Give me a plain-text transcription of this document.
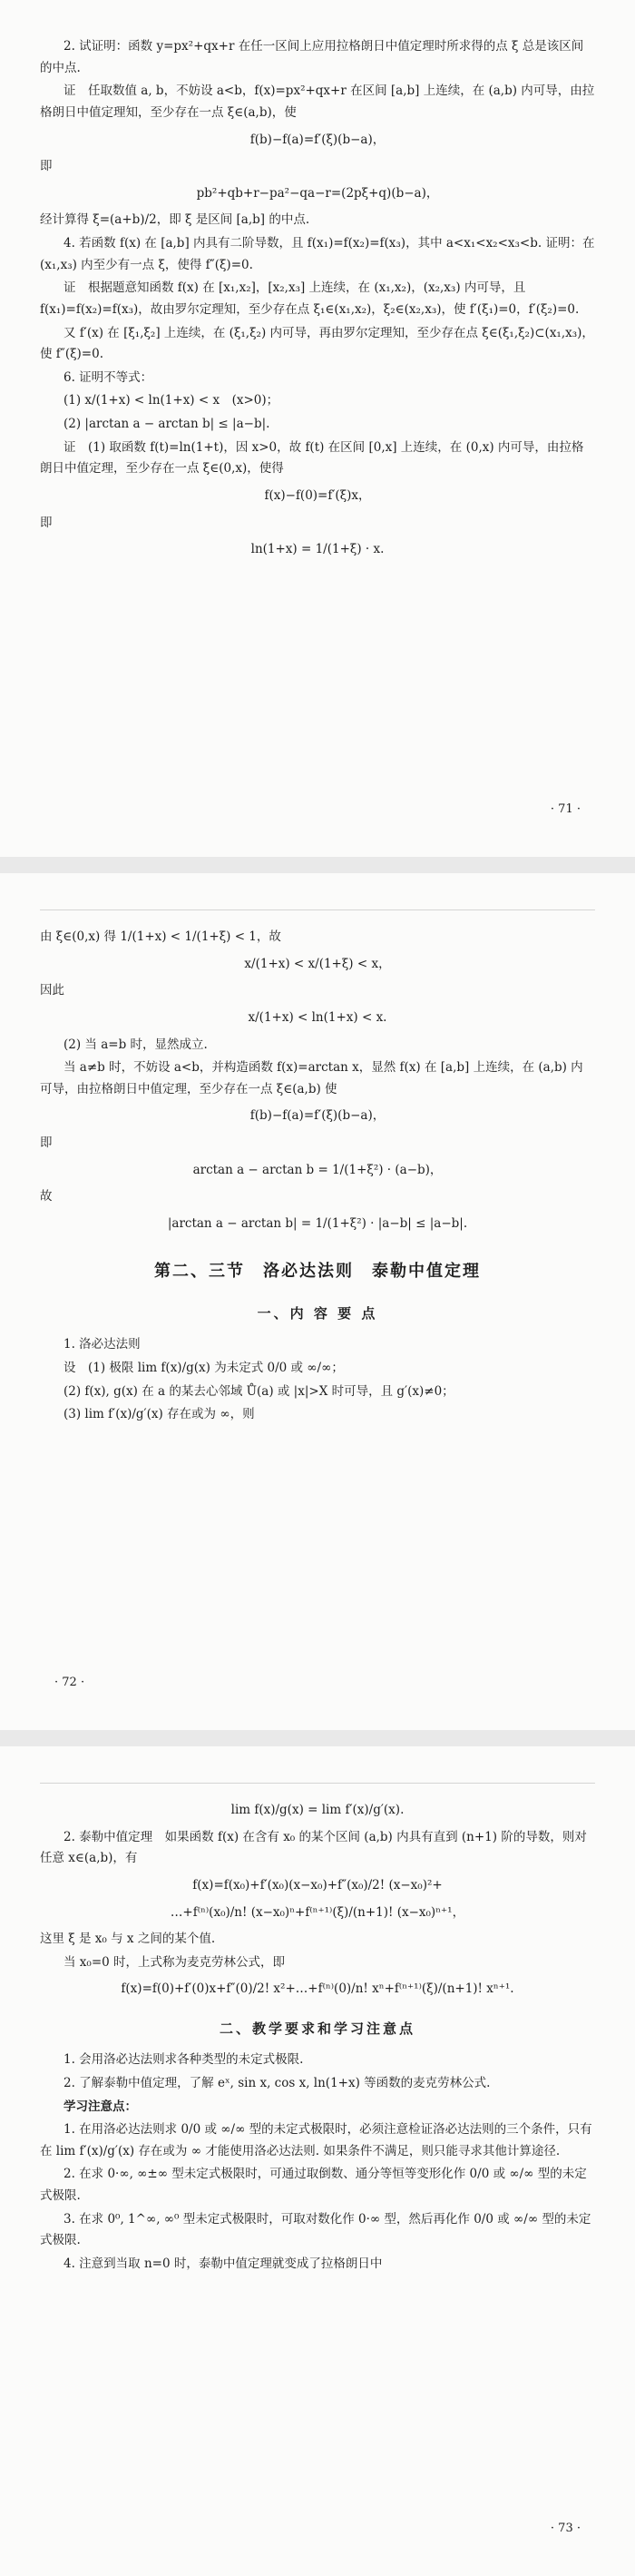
2. 试证明：函数 y=px²+qx+r 在任一区间上应用拉格朗日中值定理时所求得的点 ξ 总是该区间的中点.

证　任取数值 a, b，不妨设 a<b，f(x)=px²+qx+r 在区间 [a,b] 上连续，在 (a,b) 内可导，由拉格朗日中值定理知，至少存在一点 ξ∈(a,b)，使

f(b)−f(a)=f′(ξ)(b−a)，

即

pb²+qb+r−pa²−qa−r=(2pξ+q)(b−a)，

经计算得 ξ=(a+b)/2，即 ξ 是区间 [a,b] 的中点.

4. 若函数 f(x) 在 [a,b] 内具有二阶导数，且 f(x₁)=f(x₂)=f(x₃)，其中 a<x₁<x₂<x₃<b. 证明：在 (x₁,x₃) 内至少有一点 ξ，使得 f″(ξ)=0.

证　根据题意知函数 f(x) 在 [x₁,x₂]，[x₂,x₃] 上连续，在 (x₁,x₂)，(x₂,x₃) 内可导，且 f(x₁)=f(x₂)=f(x₃)，故由罗尔定理知，至少存在点 ξ₁∈(x₁,x₂)，ξ₂∈(x₂,x₃)，使 f′(ξ₁)=0，f′(ξ₂)=0.

又 f′(x) 在 [ξ₁,ξ₂] 上连续，在 (ξ₁,ξ₂) 内可导，再由罗尔定理知，至少存在点 ξ∈(ξ₁,ξ₂)⊂(x₁,x₃)，使 f″(ξ)=0.

6. 证明不等式：

(1) x/(1+x) < ln(1+x) < x　(x>0)；

(2) |arctan a − arctan b| ≤ |a−b|.

证　(1) 取函数 f(t)=ln(1+t)，因 x>0，故 f(t) 在区间 [0,x] 上连续，在 (0,x) 内可导，由拉格朗日中值定理，至少存在一点 ξ∈(0,x)，使得

f(x)−f(0)=f′(ξ)x，

即

ln(1+x) = 1/(1+ξ) · x.

· 71 ·

由 ξ∈(0,x) 得 1/(1+x) < 1/(1+ξ) < 1，故

x/(1+x) < x/(1+ξ) < x，

因此

x/(1+x) < ln(1+x) < x.

(2) 当 a=b 时，显然成立.

当 a≠b 时，不妨设 a<b，并构造函数 f(x)=arctan x，显然 f(x) 在 [a,b] 上连续，在 (a,b) 内可导，由拉格朗日中值定理，至少存在一点 ξ∈(a,b) 使

f(b)−f(a)=f′(ξ)(b−a)，

即

arctan a − arctan b = 1/(1+ξ²) · (a−b)，

故

|arctan a − arctan b| = 1/(1+ξ²) · |a−b| ≤ |a−b|.

第二、三节　洛必达法则　泰勒中值定理
一、内 容 要 点

1. 洛必达法则

设　(1) 极限 lim f(x)/g(x) 为未定式 0/0 或 ∞/∞；

(2) f(x), g(x) 在 a 的某去心邻域 Ů(a) 或 |x|>X 时可导，且 g′(x)≠0；

(3) lim f′(x)/g′(x) 存在或为 ∞，则

· 72 ·

lim f(x)/g(x) = lim f′(x)/g′(x).

2. 泰勒中值定理　如果函数 f(x) 在含有 x₀ 的某个区间 (a,b) 内具有直到 (n+1) 阶的导数，则对任意 x∈(a,b)，有

f(x)=f(x₀)+f′(x₀)(x−x₀)+f″(x₀)/2! (x−x₀)²+

…+f⁽ⁿ⁾(x₀)/n! (x−x₀)ⁿ+f⁽ⁿ⁺¹⁾(ξ)/(n+1)! (x−x₀)ⁿ⁺¹，

这里 ξ 是 x₀ 与 x 之间的某个值.

当 x₀=0 时，上式称为麦克劳林公式，即

f(x)=f(0)+f′(0)x+f″(0)/2! x²+…+f⁽ⁿ⁾(0)/n! xⁿ+f⁽ⁿ⁺¹⁾(ξ)/(n+1)! xⁿ⁺¹.

二、教学要求和学习注意点

1. 会用洛必达法则求各种类型的未定式极限.

2. 了解泰勒中值定理，了解 eˣ, sin x, cos x, ln(1+x) 等函数的麦克劳林公式.

学习注意点：

1. 在用洛必达法则求 0/0 或 ∞/∞ 型的未定式极限时，必须注意检证洛必达法则的三个条件，只有在 lim f′(x)/g′(x) 存在或为 ∞ 才能使用洛必达法则. 如果条件不满足，则只能寻求其他计算途径.

2. 在求 0·∞, ∞±∞ 型未定式极限时，可通过取倒数、通分等恒等变形化作 0/0 或 ∞/∞ 型的未定式极限.

3. 在求 0⁰, 1^∞, ∞⁰ 型未定式极限时，可取对数化作 0·∞ 型，然后再化作 0/0 或 ∞/∞ 型的未定式极限.

4. 注意到当取 n=0 时，泰勒中值定理就变成了拉格朗日中

· 73 ·
